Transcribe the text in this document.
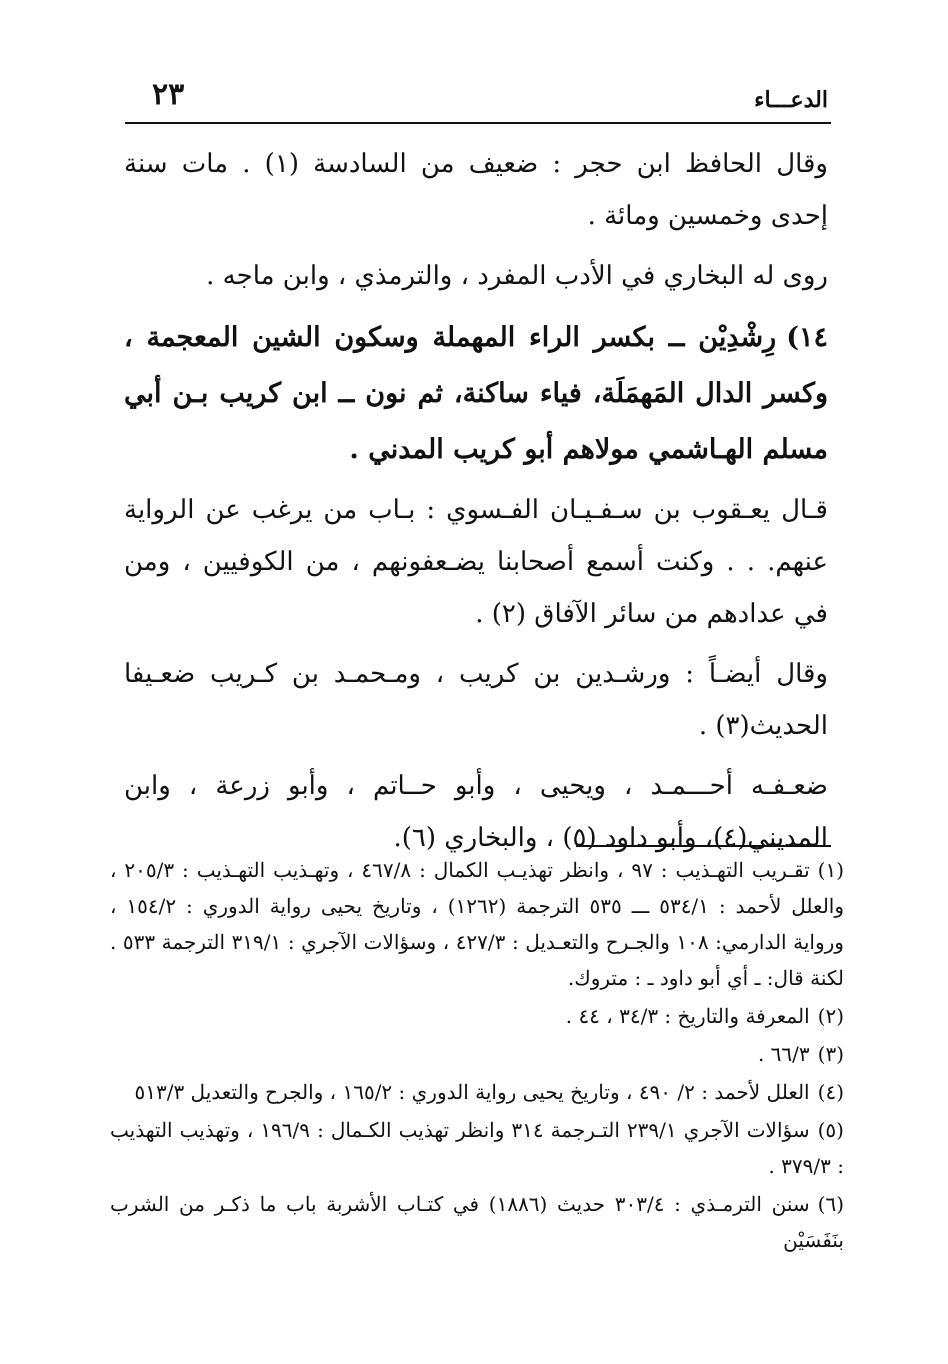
الدعـــاء
٢٣

وقال الحافظ ابن حجر : ضعيف من السادسة (١) . مات سنة إحدى وخمسين ومائة .

روى له البخاري في الأدب المفرد ، والترمذي ، وابن ماجه .

١٤)رِشْدِيْن ــ بكسر الراء المهملة وسكون الشين المعجمة ، وكسر الدال المَهمَلَة، فياء ساكنة، ثم نون ــ ابن كريب بـن أبي مسلم الهـاشمي مولاهم أبو كريب المدني .

قـال يعـقوب بن سـفـيـان الفـسوي : بـاب من يرغب عن الرواية عنهم. . . وكنت أسمع أصحابنا يضـعفونهم ، من الكوفيين ، ومن في عدادهم من سائر الآفاق (٢) .

وقال أيضـاً : ورشـدين بن كريب ، ومـحمـد بن كـريب ضعـيفا الحديث(٣) .

ضعـفـه أحـــمـد ، ويحيى ، وأبو حــاتم ، وأبو زرعة ، وابن المديني(٤)، وأبو داود (٥) ، والبخاري (٦).

(١)تقـريب التهـذيب : ٩٧ ، وانظر تهذيـب الكمال : ٤٦٧/٨ ، وتهـذيب التهـذيب : ٢٠٥/٣ ، والعلل لأحمد : ٥٣٤/١ ـــ ٥٣٥ الترجمة (١٢٦٢) ، وتاريخ يحيى رواية الدوري : ١٥٤/٢ ، ورواية الدارمي: ١٠٨ والجـرح والتعـديل : ٤٢٧/٣ ، وسؤالات الآجري : ٣١٩/١ الترجمة ٥٣٣ . لكنة قال: ـ أي أبو داود ـ : متروك.

(٢)المعرفة والتاريخ : ٣٤/٣ ، ٤٤ .

(٣)٦٦/٣ .

(٤)العلل لأحمد : ٢/ ٤٩٠ ، وتاريخ يحيى رواية الدوري : ١٦٥/٢ ، والجرح والتعديل ٥١٣/٣

(٥)سؤالات الآجري ٢٣٩/١ التـرجمة ٣١٤ وانظر تهذيب الكـمال : ١٩٦/٩ ، وتهذيب التهذيب : ٣٧٩/٣ .

(٦)سنن الترمـذي : ٣٠٣/٤ حديث (١٨٨٦) في كتـاب الأشربة باب ما ذكـر من الشرب بنَفَسَيْن
